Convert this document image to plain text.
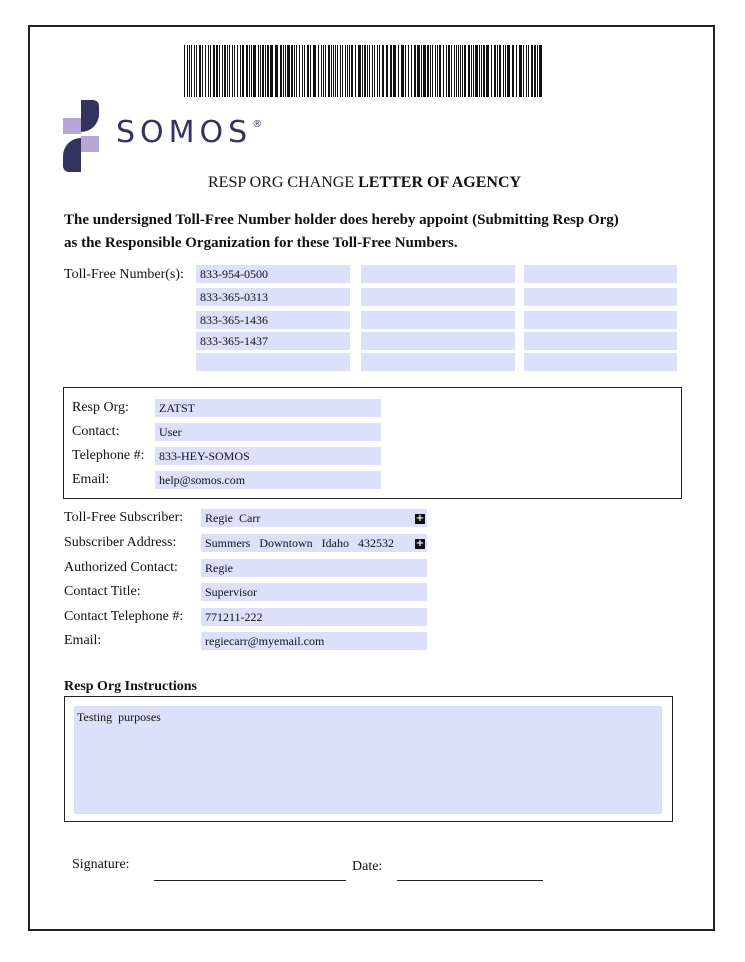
SOMOS®
RESP ORG CHANGE LETTER OF AGENCY
The undersigned Toll-Free Number holder does hereby appoint (Submitting Resp Org)
as the Responsible Organization for these Toll-Free Numbers.
Toll-Free Number(s):	833-954-0500
833-365-0313
833-365-1436
833-365-1437
Resp Org:	ZATST
Contact:	User
Telephone #:	833-HEY-SOMOS
Email:	help@somos.com
Toll-Free Subscriber:	Regie  Carr	+
Subscriber Address:	Summers   Downtown   Idaho   432532	+
Authorized Contact:	Regie
Contact Title:	Supervisor
Contact Telephone #:	771211-222
Email:	regiecarr@myemail.com
Resp Org Instructions
Testing  purposes
Signature:	Date:
